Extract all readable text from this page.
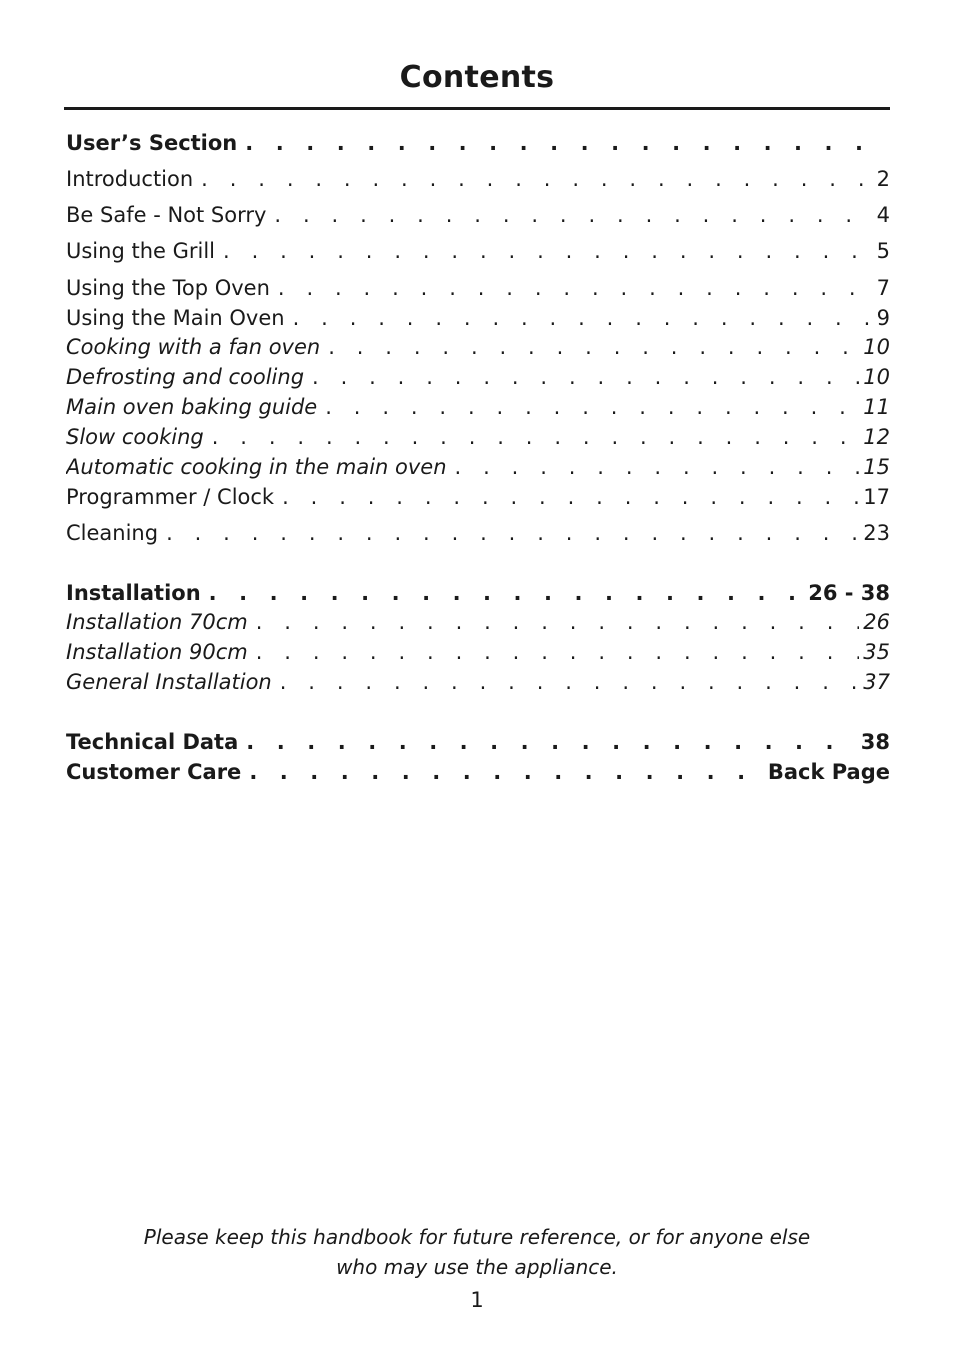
Contents
User’s Section
. . .
Introduction . . .	2
Be Safe - Not Sorry . . .	4
Using the Grill . . .	5
Using the Top Oven . . .	7
Using the Main Oven . . .	9
Cooking with a fan oven . . .	10
Defrosting and cooling . . .	10
Main oven baking guide . . .	11
Slow cooking . . .	12
Automatic cooking in the main oven . . .	15
Programmer / Clock . . .	17
Cleaning . . .	23
Installation . . .	26 - 38
Installation 70cm . . .	26
Installation 90cm . . .	35
General Installation . . .	37
Technical Data . . .	38
Customer Care . . .	Back Page
Please keep this handbook for future reference, or for anyone else
who may use the appliance.
1
